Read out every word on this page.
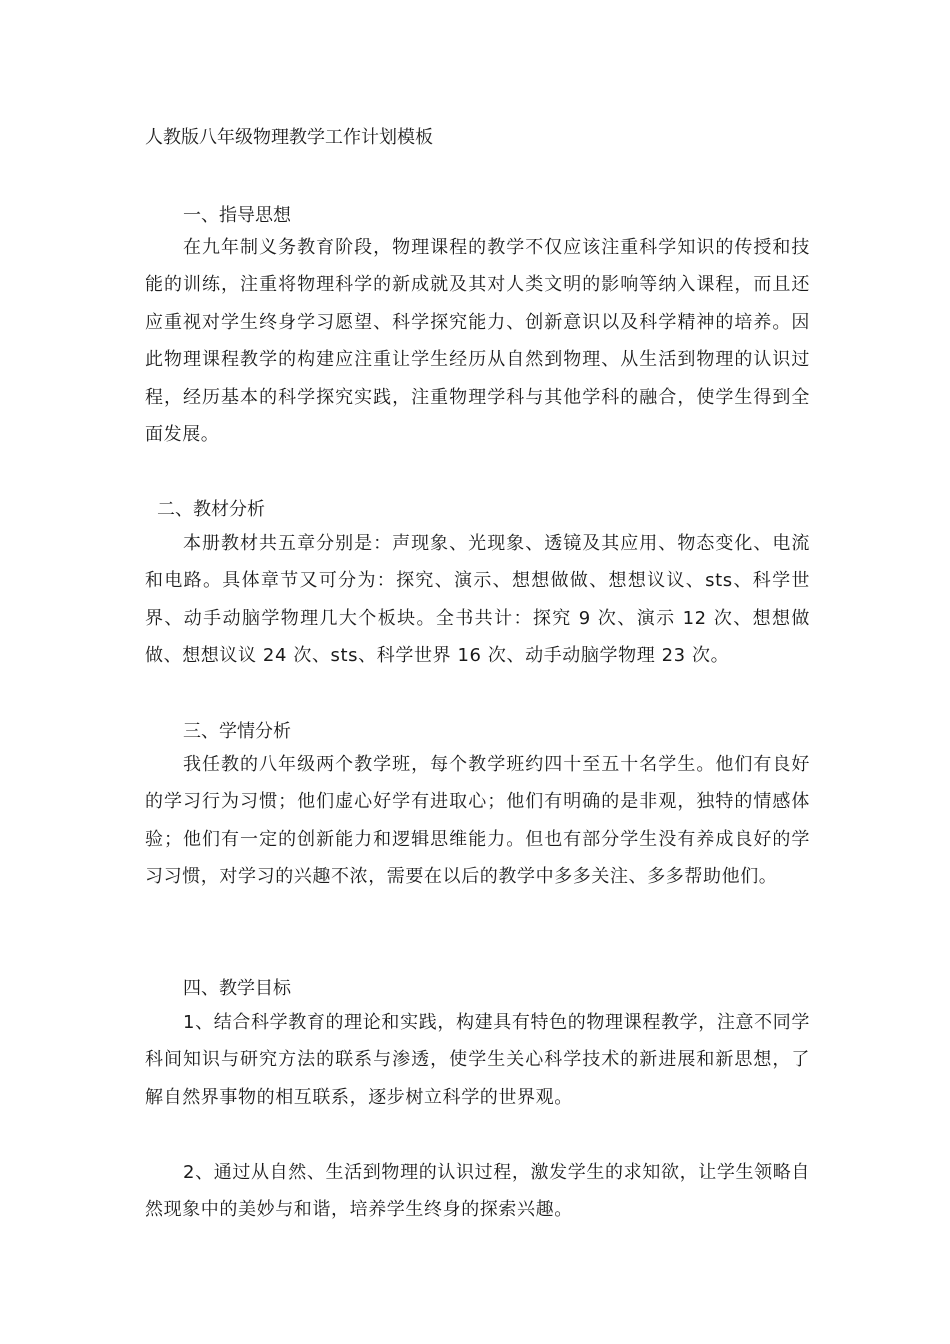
人教版八年级物理教学工作计划模板
一、指导思想

在九年制义务教育阶段，物理课程的教学不仅应该注重科学知识的传授和技能的训练，注重将物理科学的新成就及其对人类文明的影响等纳入课程，而且还应重视对学生终身学习愿望、科学探究能力、创新意识以及科学精神的培养。因此物理课程教学的构建应注重让学生经历从自然到物理、从生活到物理的认识过程，经历基本的科学探究实践，注重物理学科与其他学科的融合，使学生得到全面发展。

二、教材分析

本册教材共五章分别是：声现象、光现象、透镜及其应用、物态变化、电流和电路。具体章节又可分为：探究、演示、想想做做、想想议议、sts、科学世界、动手动脑学物理几大个板块。全书共计：探究 9 次、演示 12 次、想想做做、想想议议 24 次、sts、科学世界 16 次、动手动脑学物理 23 次。

三、学情分析

我任教的八年级两个教学班，每个教学班约四十至五十名学生。他们有良好的学习行为习惯；他们虚心好学有进取心；他们有明确的是非观，独特的情感体验；他们有一定的创新能力和逻辑思维能力。但也有部分学生没有养成良好的学习习惯，对学习的兴趣不浓，需要在以后的教学中多多关注、多多帮助他们。

四、教学目标

1、结合科学教育的理论和实践，构建具有特色的物理课程教学，注意不同学科间知识与研究方法的联系与渗透，使学生关心科学技术的新进展和新思想，了解自然界事物的相互联系，逐步树立科学的世界观。

2、通过从自然、生活到物理的认识过程，激发学生的求知欲，让学生领略自然现象中的美妙与和谐，培养学生终身的探索兴趣。
